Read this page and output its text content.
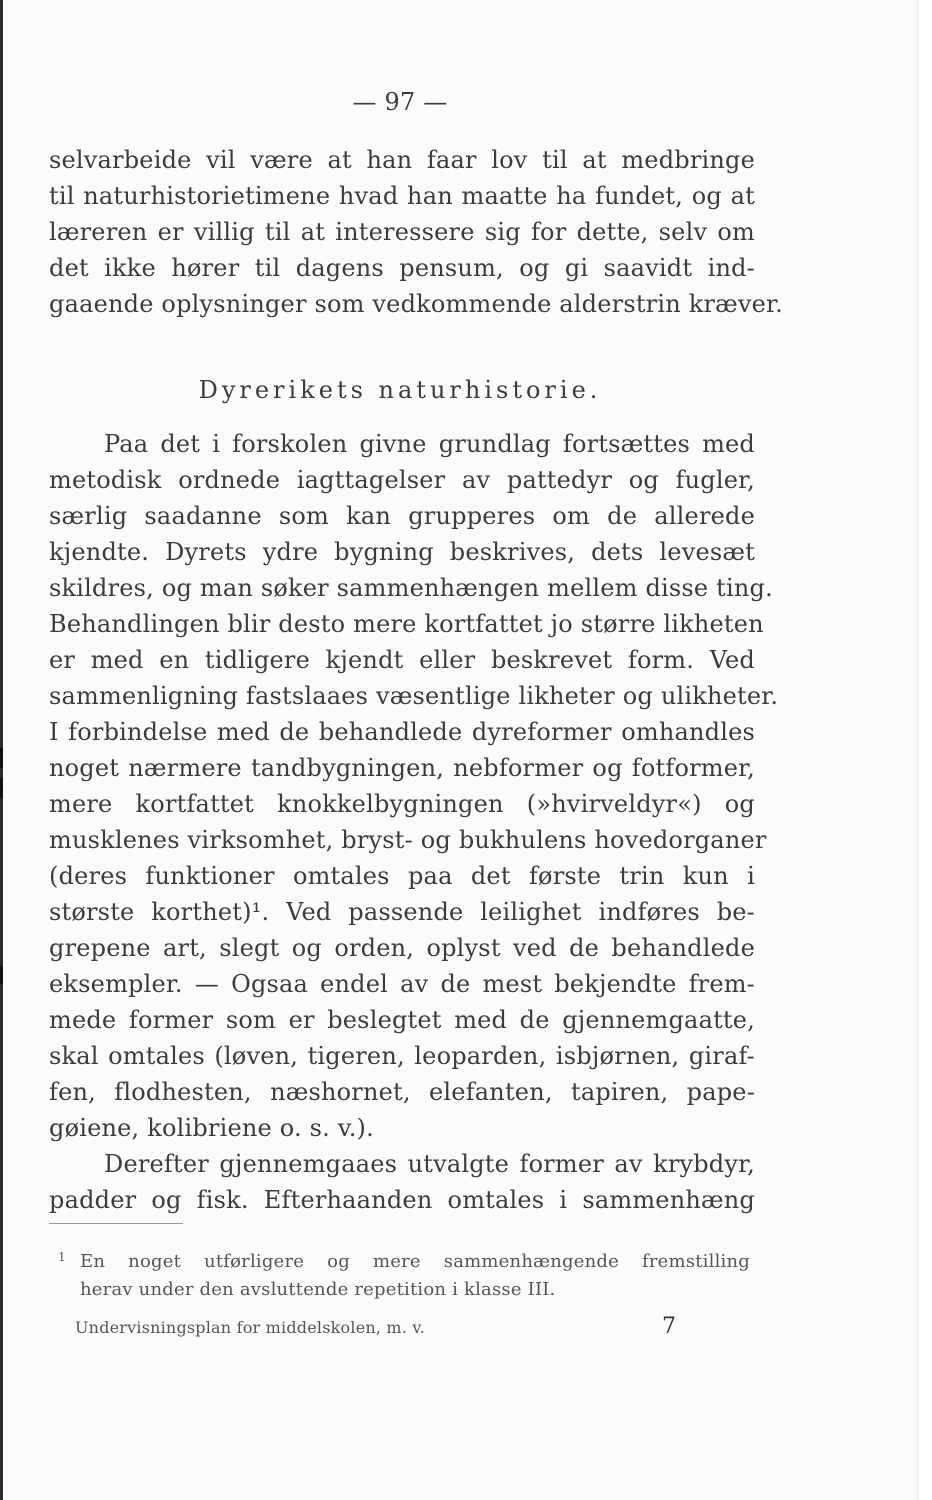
— 97 —
selvarbeide vil være at han faar lov til at medbringe
til naturhistorietimene hvad han maatte ha fundet, og at
læreren er villig til at interessere sig for dette, selv om
det ikke hører til dagens pensum, og gi saavidt ind-
gaaende oplysninger som vedkommende alderstrin kræver.
Dyrerikets naturhistorie.
Paa det i forskolen givne grundlag fortsættes med
metodisk ordnede iagttagelser av pattedyr og fugler,
særlig saadanne som kan grupperes om de allerede
kjendte. Dyrets ydre bygning beskrives, dets levesæt
skildres, og man søker sammenhængen mellem disse ting.
Behandlingen blir desto mere kortfattet jo større likheten
er med en tidligere kjendt eller beskrevet form. Ved
sammenligning fastslaaes væsentlige likheter og ulikheter.
I forbindelse med de behandlede dyreformer omhandles
noget nærmere tandbygningen, nebformer og fotformer,
mere kortfattet knokkelbygningen (»hvirveldyr«) og
musklenes virksomhet, bryst- og bukhulens hovedorganer
(deres funktioner omtales paa det første trin kun i
største korthet)¹. Ved passende leilighet indføres be-
grepene art, slegt og orden, oplyst ved de behandlede
eksempler. — Ogsaa endel av de mest bekjendte frem-
mede former som er beslegtet med de gjennemgaatte,
skal omtales (løven, tigeren, leoparden, isbjørnen, giraf-
fen, flodhesten, næshornet, elefanten, tapiren, pape-
gøiene, kolibriene o. s. v.).
Derefter gjennemgaaes utvalgte former av krybdyr,
padder og fisk. Efterhaanden omtales i sammenhæng
1 En noget utførligere og mere sammenhængende fremstilling
herav under den avsluttende repetition i klasse III.
Undervisningsplan for middelskolen, m. v.	7
